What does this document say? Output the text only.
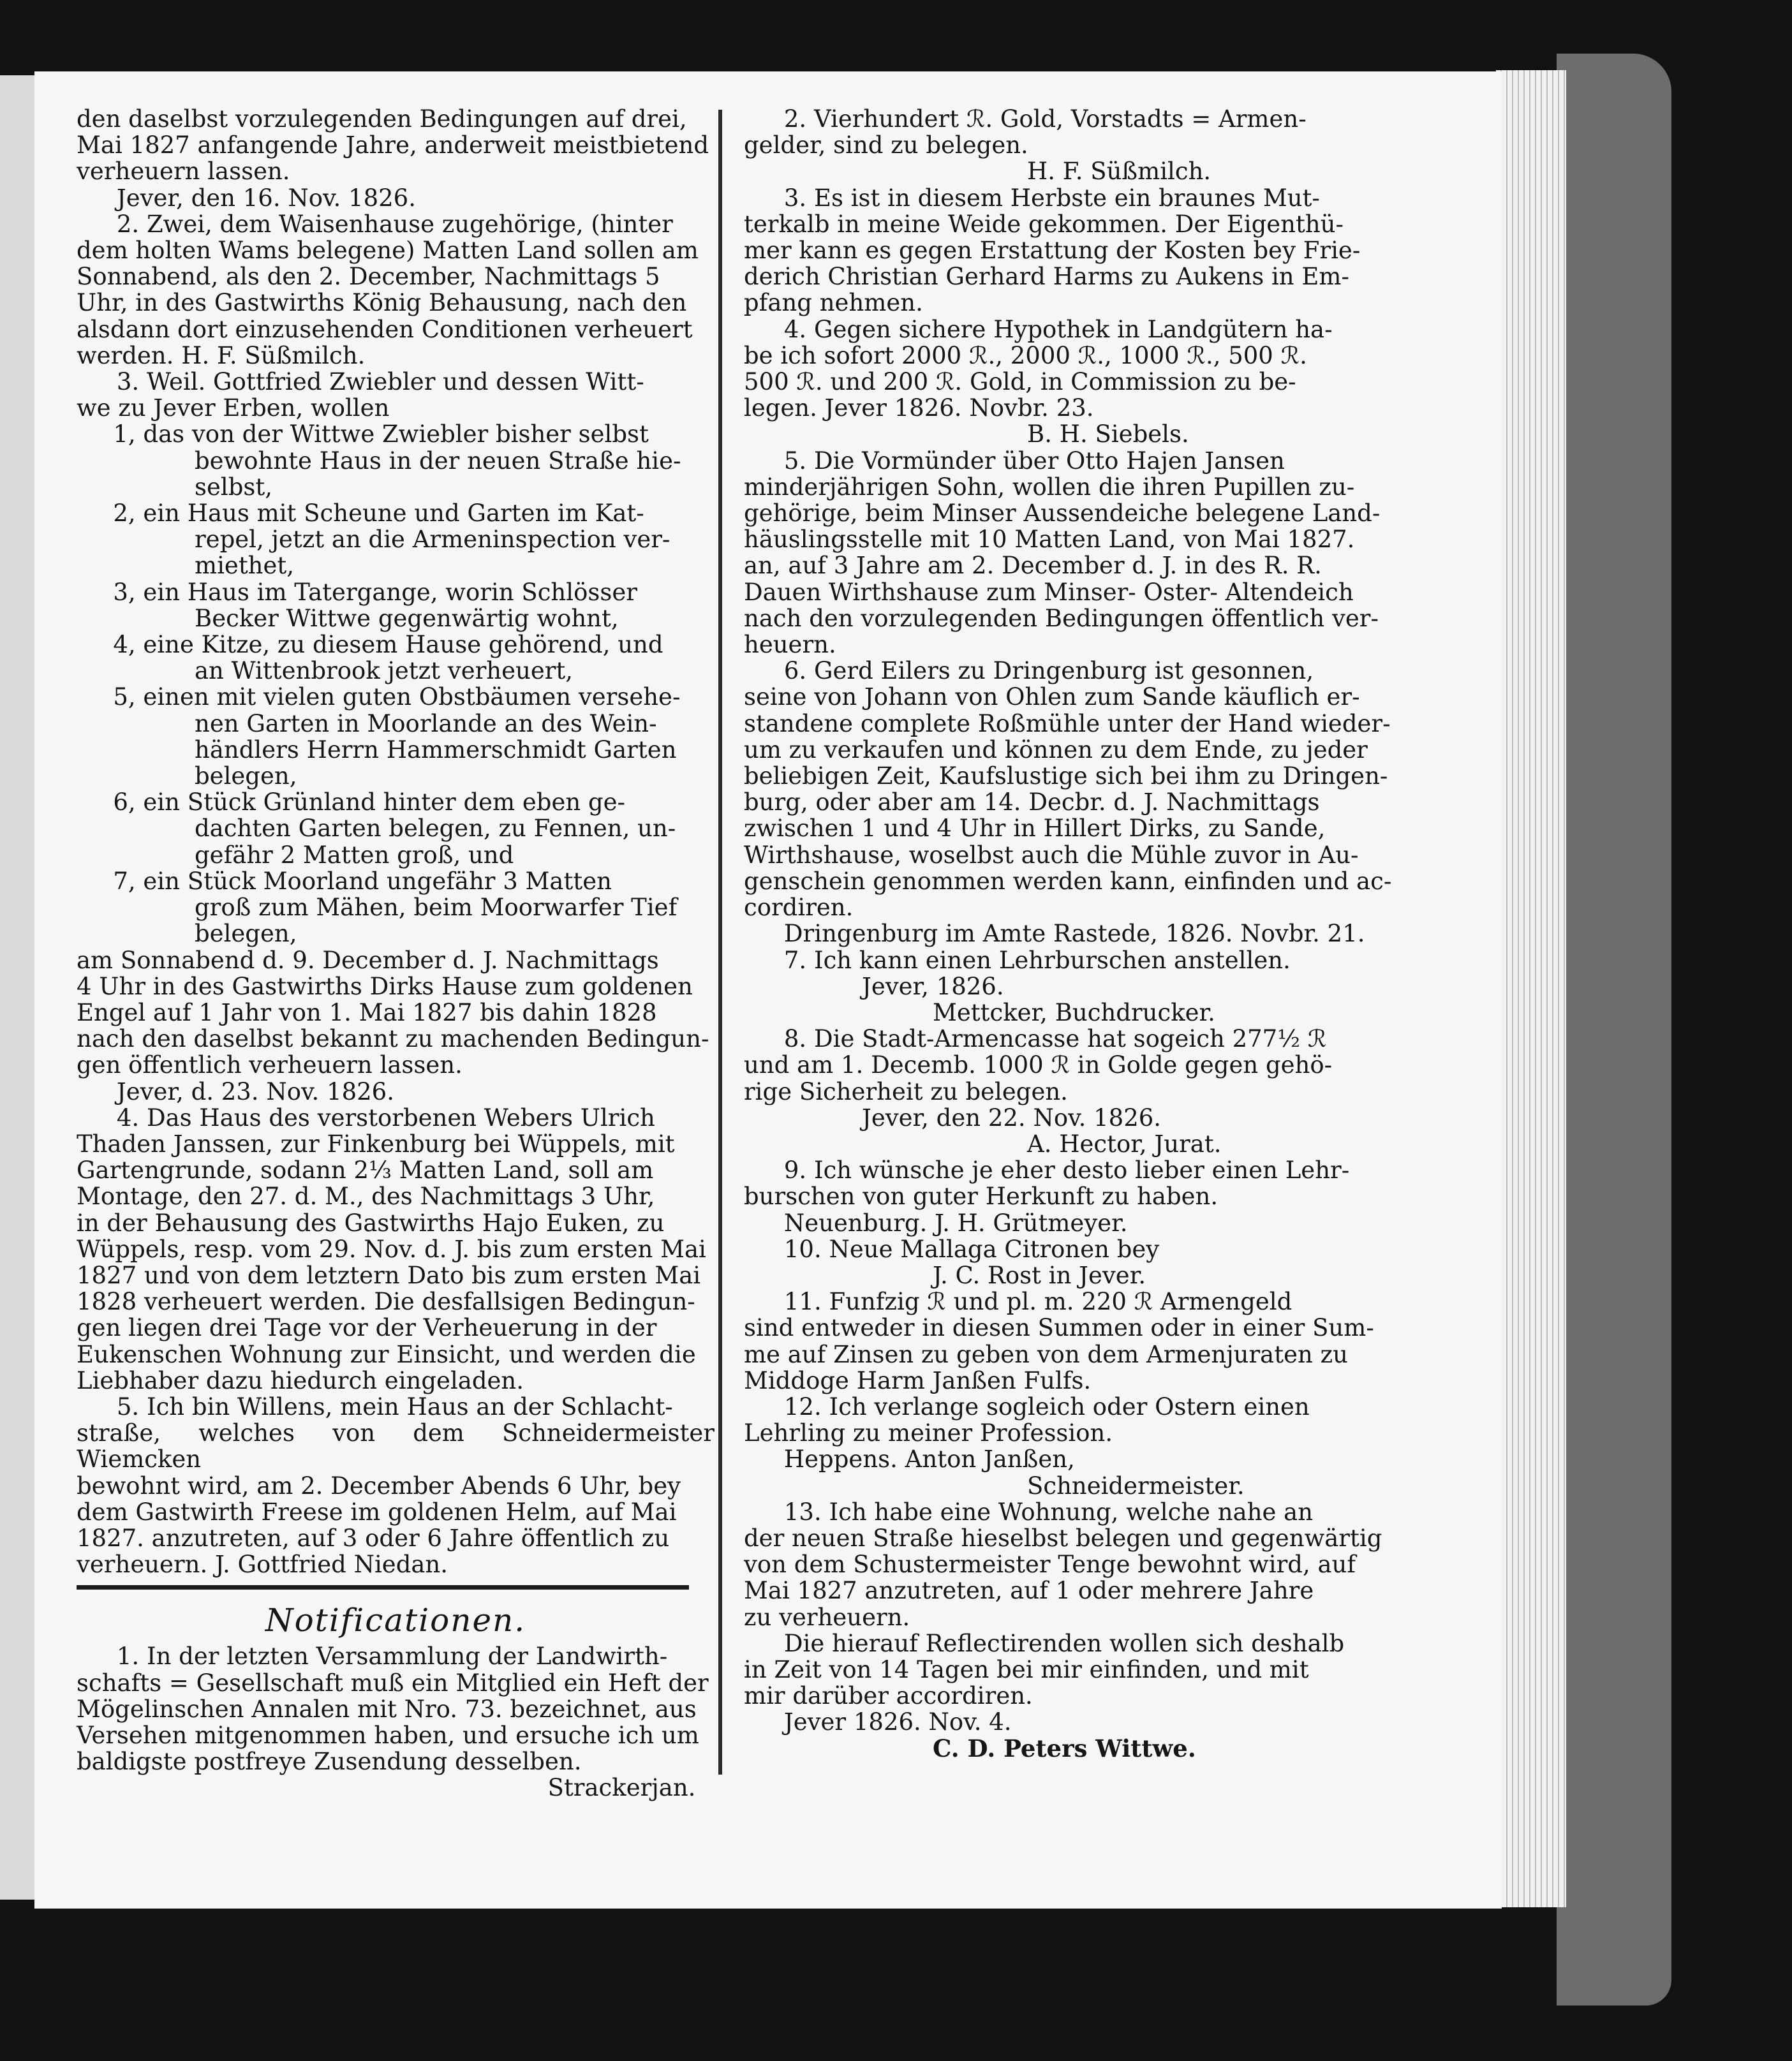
den daselbst vorzulegenden Bedingungen auf drei,
Mai 1827 anfangende Jahre, anderweit meistbietend
verheuern lassen.
Jever, den 16. Nov. 1826.
2. Zwei, dem Waisenhause zugehörige, (hinter
dem holten Wams belegene) Matten Land sollen am
Sonnabend, als den 2. December, Nachmittags 5
Uhr, in des Gastwirths König Behausung, nach den
alsdann dort einzusehenden Conditionen verheuert
werden. H. F. Süßmilch.
3. Weil. Gottfried Zwiebler und dessen Witt-
we zu Jever Erben, wollen
1, das von der Wittwe Zwiebler bisher selbst
bewohnte Haus in der neuen Straße hie-
selbst,
2, ein Haus mit Scheune und Garten im Kat-
repel, jetzt an die Armeninspection ver-
miethet,
3, ein Haus im Tatergange, worin Schlösser
Becker Wittwe gegenwärtig wohnt,
4, eine Kitze, zu diesem Hause gehörend, und
an Wittenbrook jetzt verheuert,
5, einen mit vielen guten Obstbäumen versehe-
nen Garten in Moorlande an des Wein-
händlers Herrn Hammerschmidt Garten
belegen,
6, ein Stück Grünland hinter dem eben ge-
dachten Garten belegen, zu Fennen, un-
gefähr 2 Matten groß, und
7, ein Stück Moorland ungefähr 3 Matten
groß zum Mähen, beim Moorwarfer Tief
belegen,
am Sonnabend d. 9. December d. J. Nachmittags
4 Uhr in des Gastwirths Dirks Hause zum goldenen
Engel auf 1 Jahr von 1. Mai 1827 bis dahin 1828
nach den daselbst bekannt zu machenden Bedingun-
gen öffentlich verheuern lassen.
Jever, d. 23. Nov. 1826.
4. Das Haus des verstorbenen Webers Ulrich
Thaden Janssen, zur Finkenburg bei Wüppels, mit
Gartengrunde, sodann 2⅓ Matten Land, soll am
Montage, den 27. d. M., des Nachmittags 3 Uhr,
in der Behausung des Gastwirths Hajo Euken, zu
Wüppels, resp. vom 29. Nov. d. J. bis zum ersten Mai
1827 und von dem letztern Dato bis zum ersten Mai
1828 verheuert werden. Die desfallsigen Bedingun-
gen liegen drei Tage vor der Verheuerung in der
Eukenschen Wohnung zur Einsicht, und werden die
Liebhaber dazu hiedurch eingeladen.
5. Ich bin Willens, mein Haus an der Schlacht-
straße, welches von dem Schneidermeister Wiemcken
bewohnt wird, am 2. December Abends 6 Uhr, bey
dem Gastwirth Freese im goldenen Helm, auf Mai
1827. anzutreten, auf 3 oder 6 Jahre öffentlich zu
verheuern. J. Gottfried Niedan.
Notificationen.
1. In der letzten Versammlung der Landwirth-
schafts = Gesellschaft muß ein Mitglied ein Heft der
Mögelinschen Annalen mit Nro. 73. bezeichnet, aus
Versehen mitgenommen haben, und ersuche ich um
baldigste postfreye Zusendung desselben.
Strackerjan.
2. Vierhundert ℛ. Gold, Vorstadts = Armen-
gelder, sind zu belegen.
H. F. Süßmilch.
3. Es ist in diesem Herbste ein braunes Mut-
terkalb in meine Weide gekommen. Der Eigenthü-
mer kann es gegen Erstattung der Kosten bey Frie-
derich Christian Gerhard Harms zu Aukens in Em-
pfang nehmen.
4. Gegen sichere Hypothek in Landgütern ha-
be ich sofort 2000 ℛ., 2000 ℛ., 1000 ℛ., 500 ℛ.
500 ℛ. und 200 ℛ. Gold, in Commission zu be-
legen. Jever 1826. Novbr. 23.
B. H. Siebels.
5. Die Vormünder über Otto Hajen Jansen
minderjährigen Sohn, wollen die ihren Pupillen zu-
gehörige, beim Minser Aussendeiche belegene Land-
häuslingsstelle mit 10 Matten Land, von Mai 1827.
an, auf 3 Jahre am 2. December d. J. in des R. R.
Dauen Wirthshause zum Minser- Oster- Altendeich
nach den vorzulegenden Bedingungen öffentlich ver-
heuern.
6. Gerd Eilers zu Dringenburg ist gesonnen,
seine von Johann von Ohlen zum Sande käuflich er-
standene complete Roßmühle unter der Hand wieder-
um zu verkaufen und können zu dem Ende, zu jeder
beliebigen Zeit, Kaufslustige sich bei ihm zu Dringen-
burg, oder aber am 14. Decbr. d. J. Nachmittags
zwischen 1 und 4 Uhr in Hillert Dirks, zu Sande,
Wirthshause, woselbst auch die Mühle zuvor in Au-
genschein genommen werden kann, einfinden und ac-
cordiren.
Dringenburg im Amte Rastede, 1826. Novbr. 21.
7. Ich kann einen Lehrburschen anstellen.
Jever, 1826.
Mettcker, Buchdrucker.
8. Die Stadt-Armencasse hat sogeich 277½ ℛ
und am 1. Decemb. 1000 ℛ in Golde gegen gehö-
rige Sicherheit zu belegen.
Jever, den 22. Nov. 1826.
A. Hector, Jurat.
9. Ich wünsche je eher desto lieber einen Lehr-
burschen von guter Herkunft zu haben.
Neuenburg. J. H. Grütmeyer.
10. Neue Mallaga Citronen bey
J. C. Rost in Jever.
11. Funfzig ℛ und pl. m. 220 ℛ Armengeld
sind entweder in diesen Summen oder in einer Sum-
me auf Zinsen zu geben von dem Armenjuraten zu
Middoge Harm Janßen Fulfs.
12. Ich verlange sogleich oder Ostern einen
Lehrling zu meiner Profession.
Heppens. Anton Janßen,
Schneidermeister.
13. Ich habe eine Wohnung, welche nahe an
der neuen Straße hieselbst belegen und gegenwärtig
von dem Schustermeister Tenge bewohnt wird, auf
Mai 1827 anzutreten, auf 1 oder mehrere Jahre
zu verheuern.
Die hierauf Reflectirenden wollen sich deshalb
in Zeit von 14 Tagen bei mir einfinden, und mit
mir darüber accordiren.
Jever 1826. Nov. 4.
C. D. Peters Wittwe.
